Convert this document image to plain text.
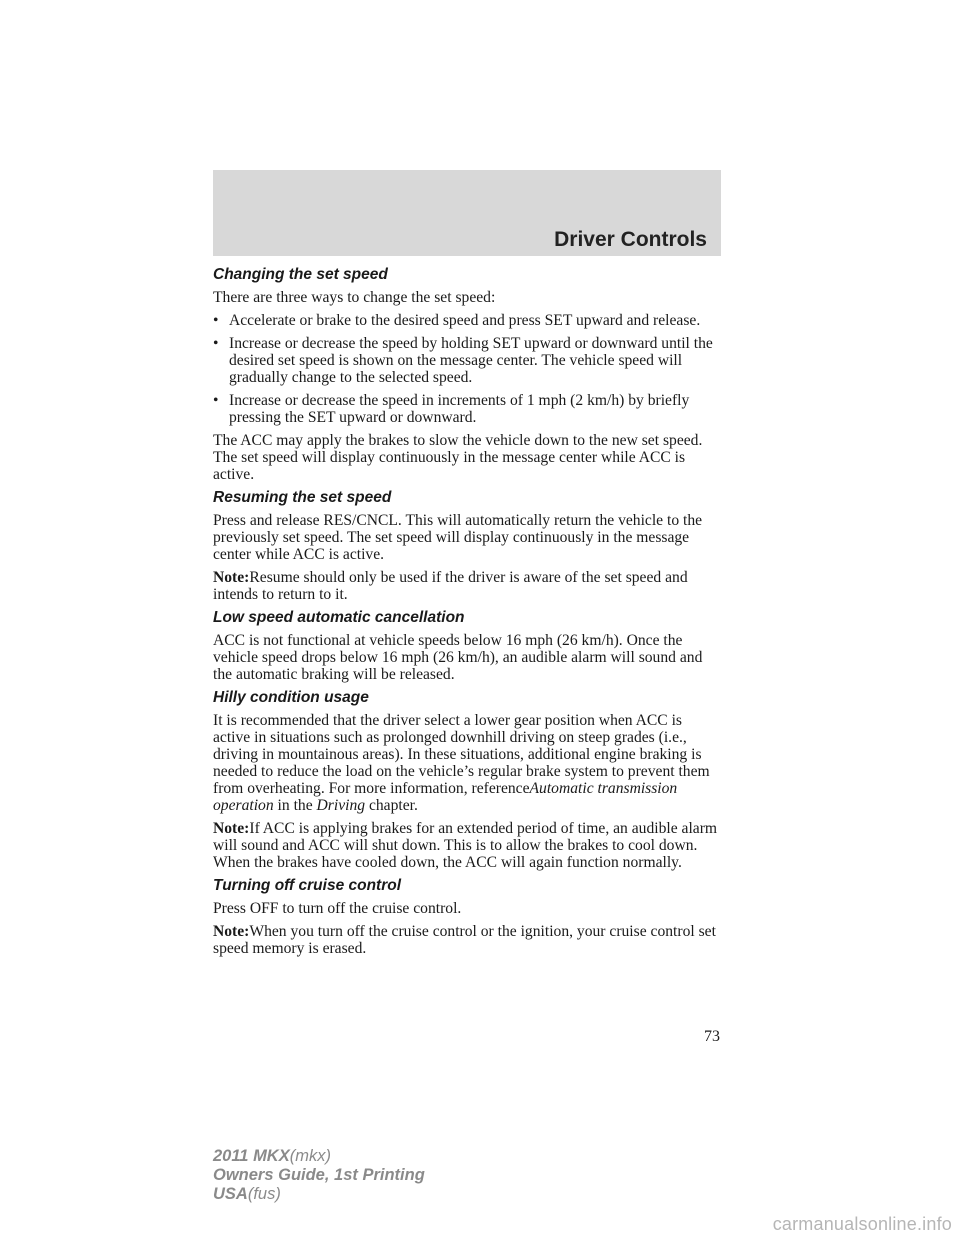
Driver Controls
Changing the set speed

There are three ways to change the set speed:

• Accelerate or brake to the desired speed and press SET upward and release.
• Increase or decrease the speed by holding SET upward or downward until the desired set speed is shown on the message center. The vehicle speed will gradually change to the selected speed.
• Increase or decrease the speed in increments of 1 mph (2 km/h) by briefly pressing the SET upward or downward.

The ACC may apply the brakes to slow the vehicle down to the new set speed. The set speed will display continuously in the message center while ACC is active.

Resuming the set speed

Press and release RES/CNCL. This will automatically return the vehicle to the previously set speed. The set speed will display continuously in the message center while ACC is active.

Note:Resume should only be used if the driver is aware of the set speed and intends to return to it.

Low speed automatic cancellation

ACC is not functional at vehicle speeds below 16 mph (26 km/h). Once the vehicle speed drops below 16 mph (26 km/h), an audible alarm will sound and the automatic braking will be released.

Hilly condition usage

It is recommended that the driver select a lower gear position when ACC is active in situations such as prolonged downhill driving on steep grades (i.e., driving in mountainous areas). In these situations, additional engine braking is needed to reduce the load on the vehicle’s regular brake system to prevent them from overheating. For more information, referenceAutomatic transmission operation in the Driving chapter.

Note:If ACC is applying brakes for an extended period of time, an audible alarm will sound and ACC will shut down. This is to allow the brakes to cool down. When the brakes have cooled down, the ACC will again function normally.

Turning off cruise control

Press OFF to turn off the cruise control.

Note:When you turn off the cruise control or the ignition, your cruise control set speed memory is erased.

73
2011 MKX(mkx)
Owners Guide, 1st Printing
USA(fus)
carmanualsonline.info
